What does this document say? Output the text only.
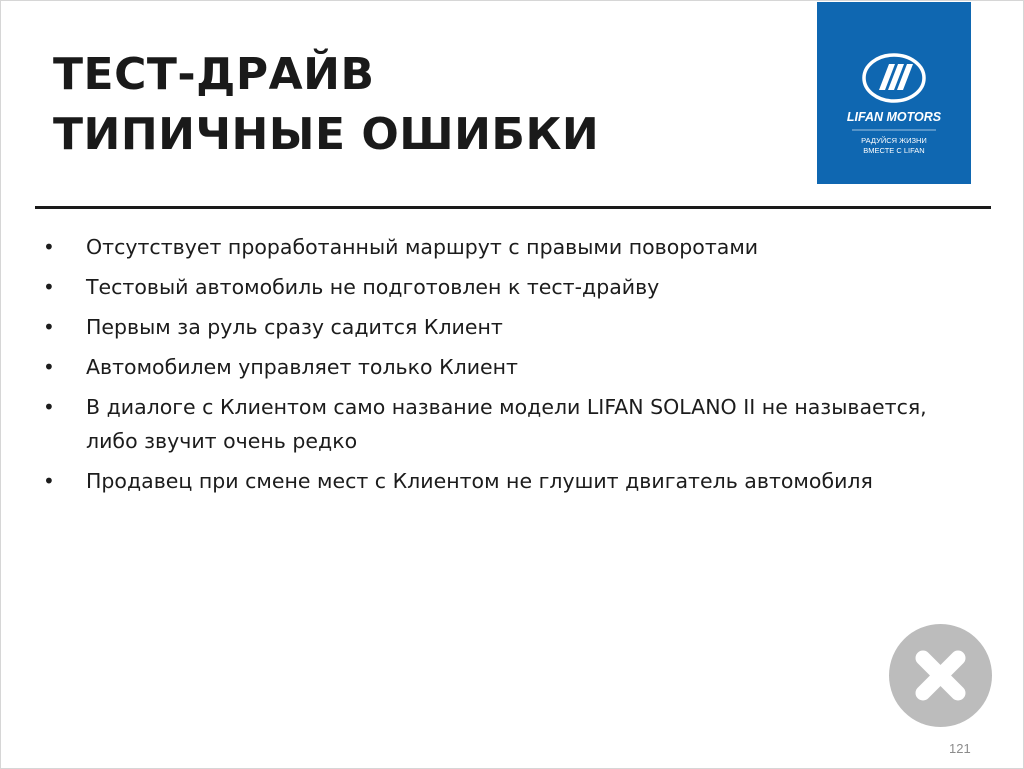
ТЕСТ-ДРАЙВ
ТИПИЧНЫЕ ОШИБКИ	LIFAN MOTORS
РАДУЙСЯ ЖИЗНИ
ВМЕСТЕ С LIFAN
• Отсутствует проработанный маршрут с правыми поворотами
• Тестовый автомобиль не подготовлен к тест-драйву
• Первым за руль сразу садится Клиент
• Автомобилем управляет только Клиент
• В диалоге с Клиентом само название модели LIFAN SOLANO II не называется, либо звучит очень редко
• Продавец при смене мест с Клиентом не глушит двигатель автомобиля
121
